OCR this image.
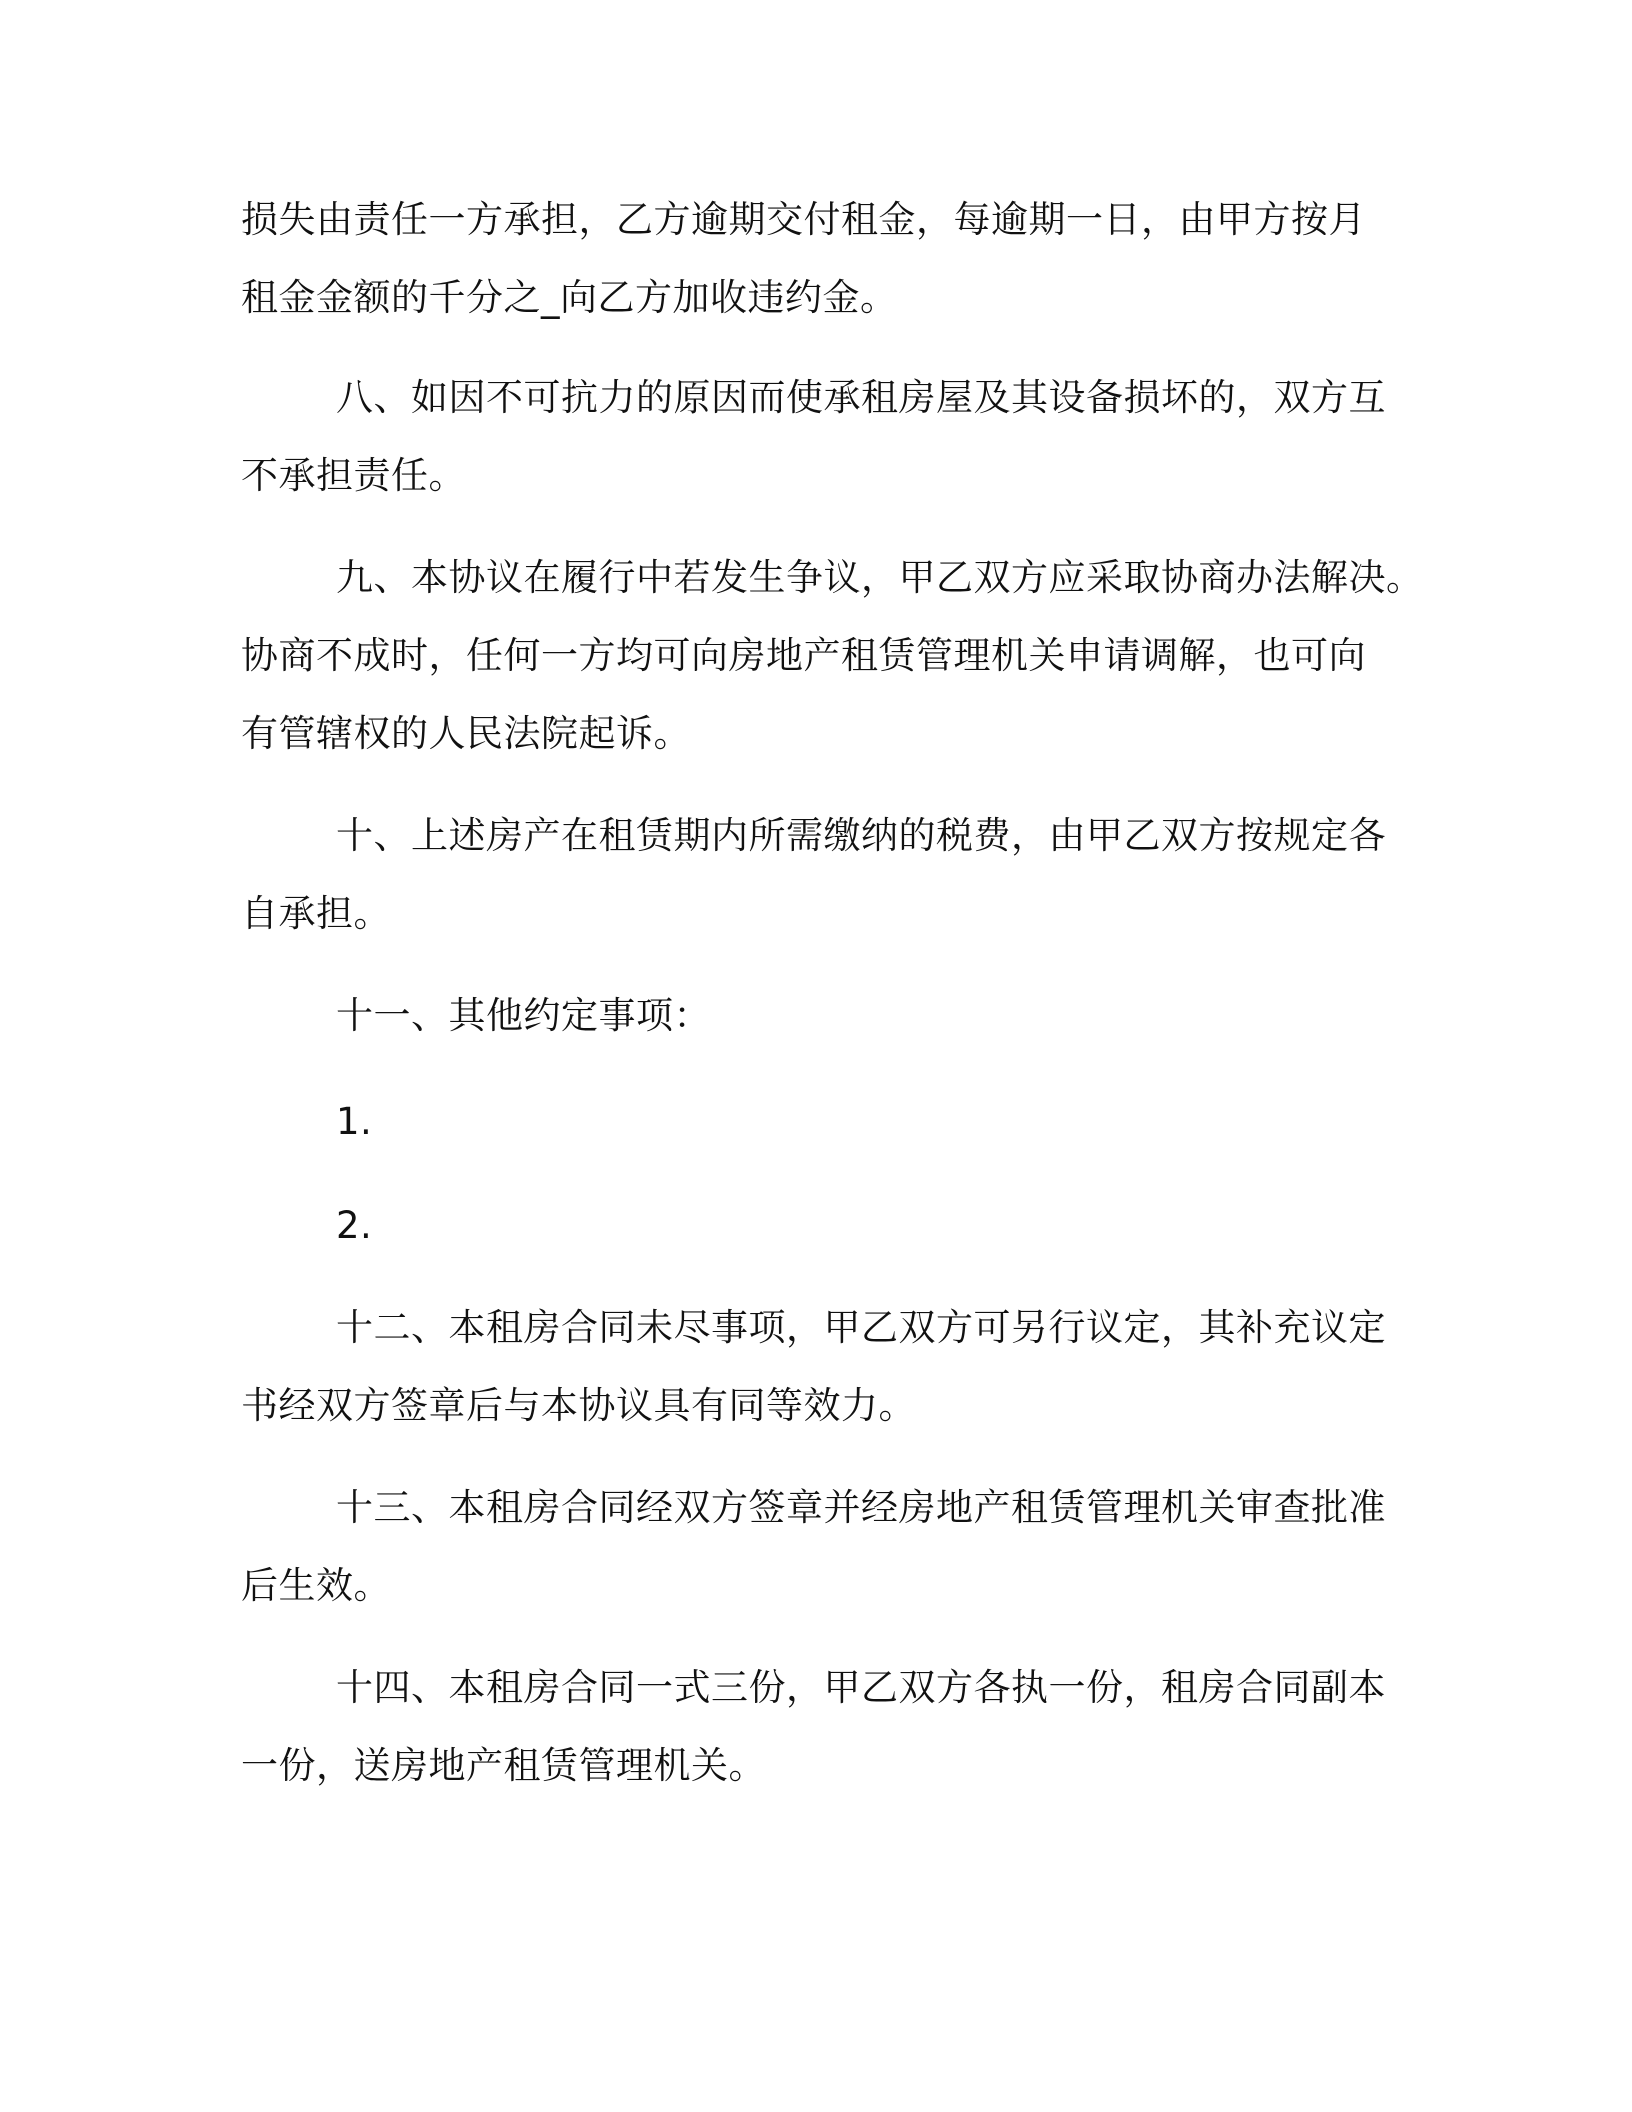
损失由责任一方承担，乙方逾期交付租金，每逾期一日，由甲方按月
租金金额的千分之_向乙方加收违约金。
八、如因不可抗力的原因而使承租房屋及其设备损坏的，双方互
不承担责任。
九、本协议在履行中若发生争议，甲乙双方应采取协商办法解决。
协商不成时，任何一方均可向房地产租赁管理机关申请调解，也可向
有管辖权的人民法院起诉。
十、上述房产在租赁期内所需缴纳的税费，由甲乙双方按规定各
自承担。
十一、其他约定事项：
1.
2.
十二、本租房合同未尽事项，甲乙双方可另行议定，其补充议定
书经双方签章后与本协议具有同等效力。
十三、本租房合同经双方签章并经房地产租赁管理机关审查批准
后生效。
十四、本租房合同一式三份，甲乙双方各执一份，租房合同副本
一份，送房地产租赁管理机关。
